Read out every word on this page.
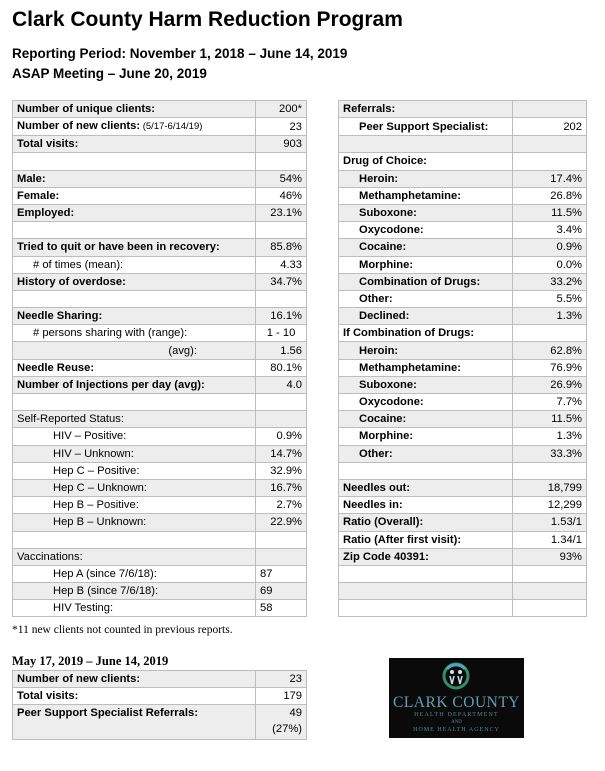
Clark County Harm Reduction Program
Reporting Period: November 1, 2018 – June 14, 2019
ASAP Meeting – June 20, 2019
Number of unique clients:	200*		Referrals:	
Number of new clients: (5/17-6/14/19)	23		Peer Support Specialist:	202
Total visits:	903			
			Drug of Choice:	
Male:	54%		Heroin:	17.4%
Female:	46%		Methamphetamine:	26.8%
Employed:	23.1%		Suboxone:	11.5%
			Oxycodone:	3.4%
Tried to quit or have been in recovery:	85.8%		Cocaine:	0.9%
# of times (mean):	4.33		Morphine:	0.0%
History of overdose:	34.7%		Combination of Drugs:	33.2%
			Other:	5.5%
Needle Sharing:	16.1%		Declined:	1.3%
# persons sharing with (range):	1 - 10		If Combination of Drugs:	
(avg):	1.56		Heroin:	62.8%
Needle Reuse:	80.1%		Methamphetamine:	76.9%
Number of Injections per day (avg):	4.0		Suboxone:	26.9%
			Oxycodone:	7.7%
Self-Reported Status:			Cocaine:	11.5%
HIV – Positive:	0.9%		Morphine:	1.3%
HIV – Unknown:	14.7%		Other:	33.3%
Hep C – Positive:	32.9%			
Hep C – Unknown:	16.7%		Needles out:	18,799
Hep B – Positive:	2.7%		Needles in:	12,299
Hep B – Unknown:	22.9%		Ratio (Overall):	1.53/1
			Ratio (After first visit):	1.34/1
Vaccinations:			Zip Code 40391:	93%
Hep A (since 7/6/18):	87			
Hep B (since 7/6/18):	69			
HIV Testing:	58			
*11 new clients not counted in previous reports.
May 17, 2019 – June 14, 2019
Number of new clients:	23
Total visits:	179
Peer Support Specialist Referrals:	49
(27%)
CLARK COUNTY
HEALTH DEPARTMENT
AND
HOME HEALTH AGENCY
